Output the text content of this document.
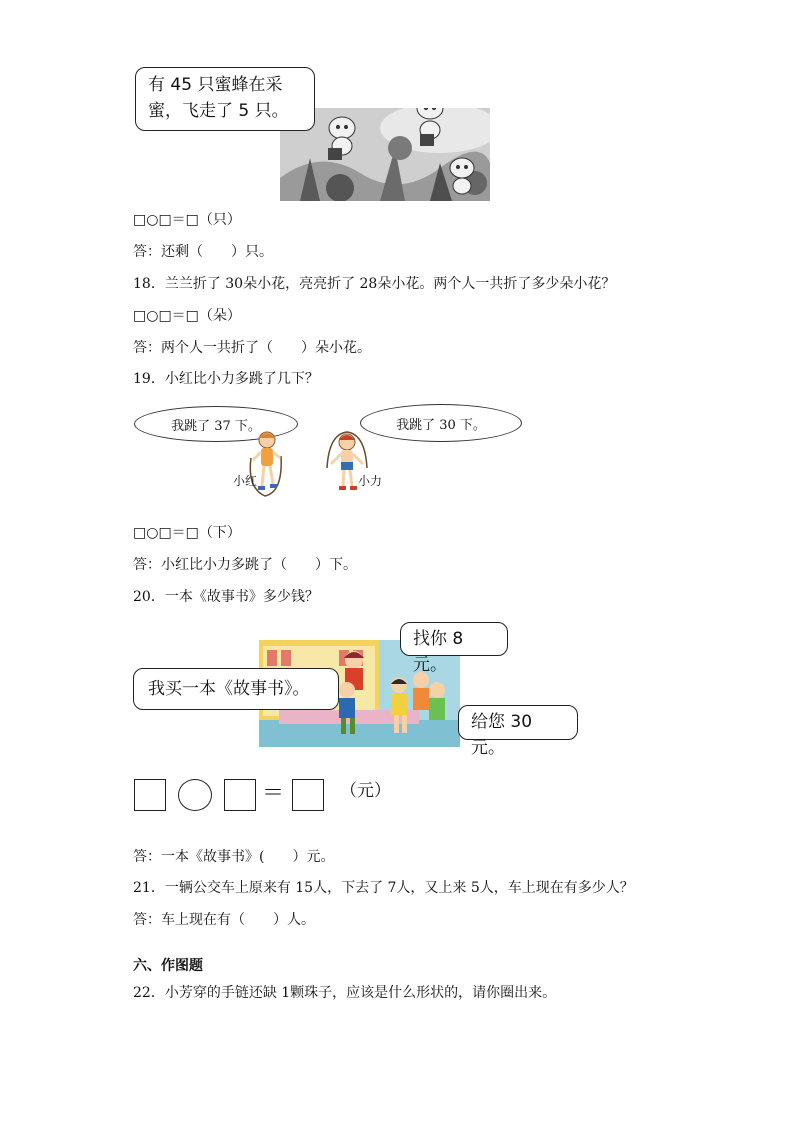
有 45 只蜜蜂在采
蜜，飞走了 5 只。
□○□＝□（只）
答：还剩（　　）只。
18．兰兰折了 30朵小花，亮亮折了 28朵小花。两个人一共折了多少朵小花？
□○□＝□（朵）
答：两个人一共折了（　　）朵小花。
19．小红比小力多跳了几下？
我跳了 37 下。	我跳了 30 下。
小红	小力
□○□＝□（下）
答：小红比小力多跳了（　　）下。
20．一本《故事书》多少钱？
找你 8 元。
我买一本《故事书》。
给您 30 元。
＝	（元）
答：一本《故事书》(　　）元。
21．一辆公交车上原来有 15人，下去了 7人，又上来 5人，车上现在有多少人？
答：车上现在有（　　）人。
六、作图题
22．小芳穿的手链还缺 1颗珠子，应该是什么形状的，请你圈出来。
